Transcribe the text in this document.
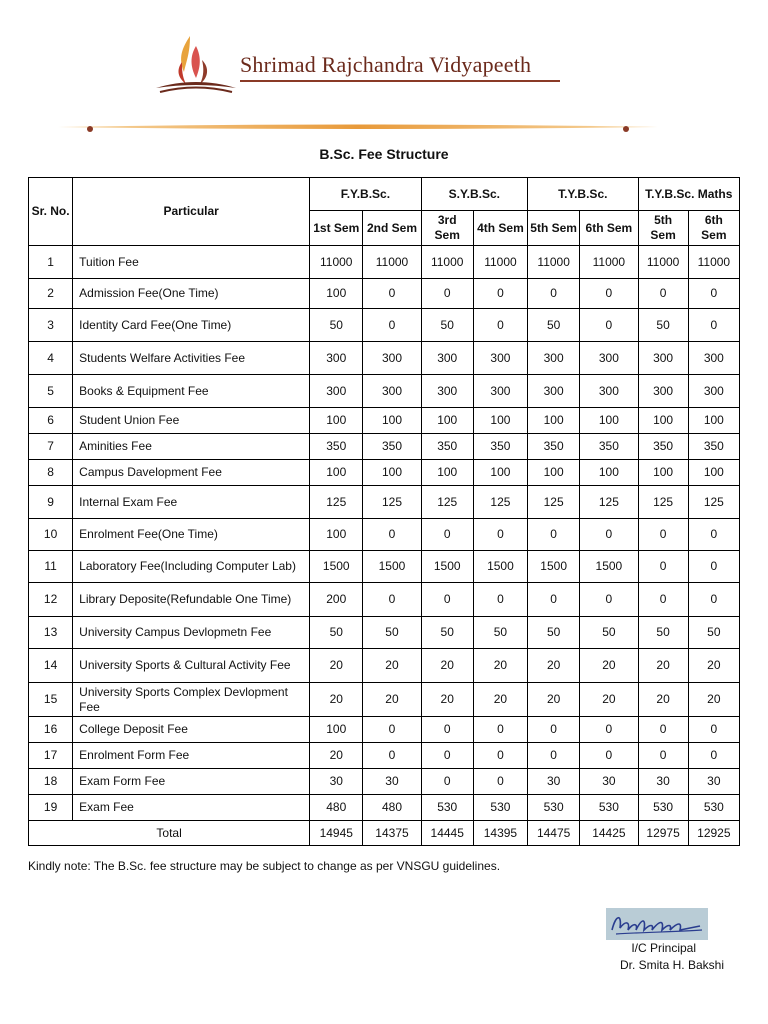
Shrimad Rajchandra Vidyapeeth
B.Sc. Fee Structure
Sr. No.	Particular	F.Y.B.Sc.		S.Y.B.Sc.		T.Y.B.Sc.		T.Y.B.Sc. Maths	
		1st Sem	2nd Sem	3rd Sem	4th Sem	5th Sem	6th Sem	5th Sem	6th Sem
1	Tuition Fee	11000	11000	11000	11000	11000	11000	11000	11000
2	Admission Fee(One Time)	100	0	0	0	0	0	0	0
3	Identity Card Fee(One Time)	50	0	50	0	50	0	50	0
4	Students Welfare Activities Fee	300	300	300	300	300	300	300	300
5	Books & Equipment Fee	300	300	300	300	300	300	300	300
6	Student Union Fee	100	100	100	100	100	100	100	100
7	Aminities Fee	350	350	350	350	350	350	350	350
8	Campus Davelopment Fee	100	100	100	100	100	100	100	100
9	Internal Exam Fee	125	125	125	125	125	125	125	125
10	Enrolment Fee(One Time)	100	0	0	0	0	0	0	0
11	Laboratory Fee(Including Computer Lab)	1500	1500	1500	1500	1500	1500	0	0
12	Library Deposite(Refundable One Time)	200	0	0	0	0	0	0	0
13	University Campus Devlopmetn Fee	50	50	50	50	50	50	50	50
14	University Sports & Cultural Activity Fee	20	20	20	20	20	20	20	20
15	University Sports Complex Devlopment Fee	20	20	20	20	20	20	20	20
16	College Deposit Fee	100	0	0	0	0	0	0	0
17	Enrolment Form Fee	20	0	0	0	0	0	0	0
18	Exam Form Fee	30	30	0	0	30	30	30	30
19	Exam Fee	480	480	530	530	530	530	530	530
Total		14945	14375	14445	14395	14475	14425	12975	12925
Kindly note: The B.Sc. fee structure may be subject to change as per VNSGU guidelines.
I/C Principal
Dr. Smita H. Bakshi
